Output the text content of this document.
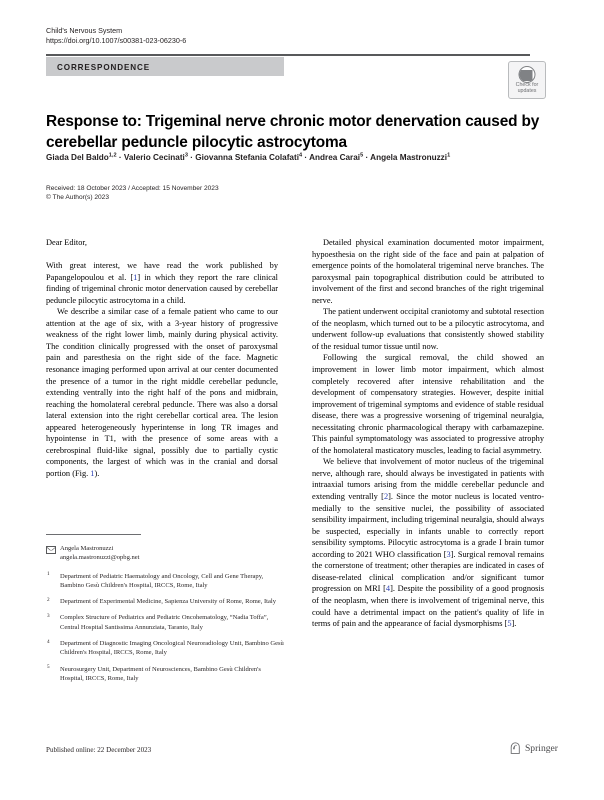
Child's Nervous System
https://doi.org/10.1007/s00381-023-06230-6
CORRESPONDENCE
Check for
updates
Response to: Trigeminal nerve chronic motor denervation caused by cerebellar peduncle pilocytic astrocytoma
Giada Del Baldo$^{1,2}$ · Valerio Cecinati$^3$ · Giovanna Stefania Colafati$^4$ · Andrea Carai$^5$ · Angela Mastronuzzi$^1$
Received: 18 October 2023 / Accepted: 15 November 2023
© The Author(s) 2023

Dear Editor,

With great interest, we have read the work published by Papangelopoulou et al. [1] in which they report the rare clinical finding of trigeminal chronic motor denervation caused by cerebellar peduncle pilocytic astrocytoma in a child.

We describe a similar case of a female patient who came to our attention at the age of six, with a 3-year history of progressive weakness of the right lower limb, mainly during physical activity. The condition clinically progressed with the onset of paroxysmal pain and paresthesia on the right side of the face. Magnetic resonance imaging performed upon arrival at our center documented the presence of a tumor in the right middle cerebellar peduncle, extending ventrally into the right half of the pons and midbrain, reaching the homolateral cerebral peduncle. There was also a dorsal lateral extension into the right cerebellar cortical area. The lesion appeared heterogeneously hyperintense in long TR images and hypointense in T1, with the presence of some areas with a cerebrospinal fluid-like signal, possibly due to partially cystic components, the largest of which was in the cranial and dorsal portion (Fig. 1).

Detailed physical examination documented motor impairment, hypoesthesia on the right side of the face and pain at palpation of emergence points of the homolateral trigeminal nerve branches. The paroxysmal pain topographical distribution could be attributed to involvement of the first and second branches of the right trigeminal nerve.

The patient underwent occipital craniotomy and subtotal resection of the neoplasm, which turned out to be a pilocytic astrocytoma, and underwent follow-up evaluations that consistently showed stability of the residual tumor tissue until now.

Following the surgical removal, the child showed an improvement in lower limb motor impairment, which almost completely recovered after intensive rehabilitation and the development of compensatory strategies. However, despite initial improvement of trigeminal symptoms and evidence of stable residual disease, there was a progressive worsening of trigeminal neuralgia, necessitating chronic pharmacological therapy with carbamazepine. This painful symptomatology was associated to progressive atrophy of the homolateral masticatory muscles, leading to facial asymmetry.

We believe that involvement of motor nucleus of the trigeminal nerve, although rare, should always be investigated in patients with intraaxial tumors arising from the middle cerebellar peduncle and extending ventrally [2]. Since the motor nucleus is located ventro-medially to the sensitive nuclei, the possibility of associated sensibility impairment, including trigeminal neuralgia, should always be suspected, especially in infants unable to correctly report sensibility symptoms. Pilocytic astrocytoma is a grade I brain tumor according to 2021 WHO classification [3]. Surgical removal remains the cornerstone of treatment; other therapies are indicated in cases of disease-related clinical complication and/or significant tumor progression on MRI [4]. Despite the possibility of a good prognosis of the neoplasm, when there is involvement of trigeminal nerve, this could have a detrimental impact on the patient's quality of life in terms of pain and the appearance of facial dysmorphisms [5].

Angela Mastronuzzi
angela.mastronuzzi@opbg.net
1 Department of Pediatric Haematology and Oncology, Cell and Gene Therapy, Bambino Gesù Children's Hospital, IRCCS, Rome, Italy
2 Department of Experimental Medicine, Sapienza University of Rome, Rome, Italy
3 Complex Structure of Pediatrics and Pediatric Oncohematology, “Nadia Toffa”, Central Hospital Santissima Annunziata, Taranto, Italy
4 Department of Diagnostic Imaging Oncological Neuroradiology Unit, Bambino Gesù Children's Hospital, IRCCS, Rome, Italy
5 Neurosurgery Unit, Department of Neurosciences, Bambino Gesù Children's Hospital, IRCCS, Rome, Italy
Published online: 22 December 2023	Springer
